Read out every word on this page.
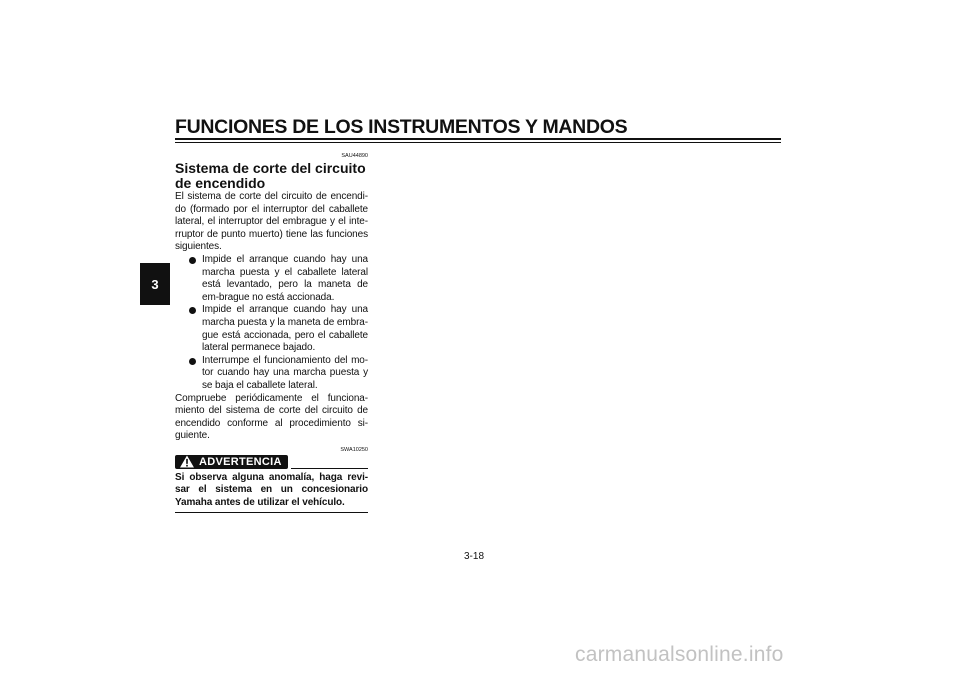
FUNCIONES DE LOS INSTRUMENTOS Y MANDOS
3
SAU44890
Sistema de corte del circuito de encendido
El sistema de corte del circuito de encendi-do (formado por el interruptor del caballete lateral, el interruptor del embrague y el inte-rruptor de punto muerto) tiene las funciones siguientes.
Impide el arranque cuando hay una marcha puesta y el caballete lateral está levantado, pero la maneta de em-brague no está accionada.
Impide el arranque cuando hay una marcha puesta y la maneta de embra-gue está accionada, pero el caballete lateral permanece bajado.
Interrumpe el funcionamiento del mo-tor cuando hay una marcha puesta y se baja el caballete lateral.
Compruebe periódicamente el funciona-miento del sistema de corte del circuito de encendido conforme al procedimiento si-guiente.
SWA10250
ADVERTENCIA
Si observa alguna anomalía, haga revi-sar el sistema en un concesionario Yamaha antes de utilizar el vehículo.
3-18
carmanualsonline.info
